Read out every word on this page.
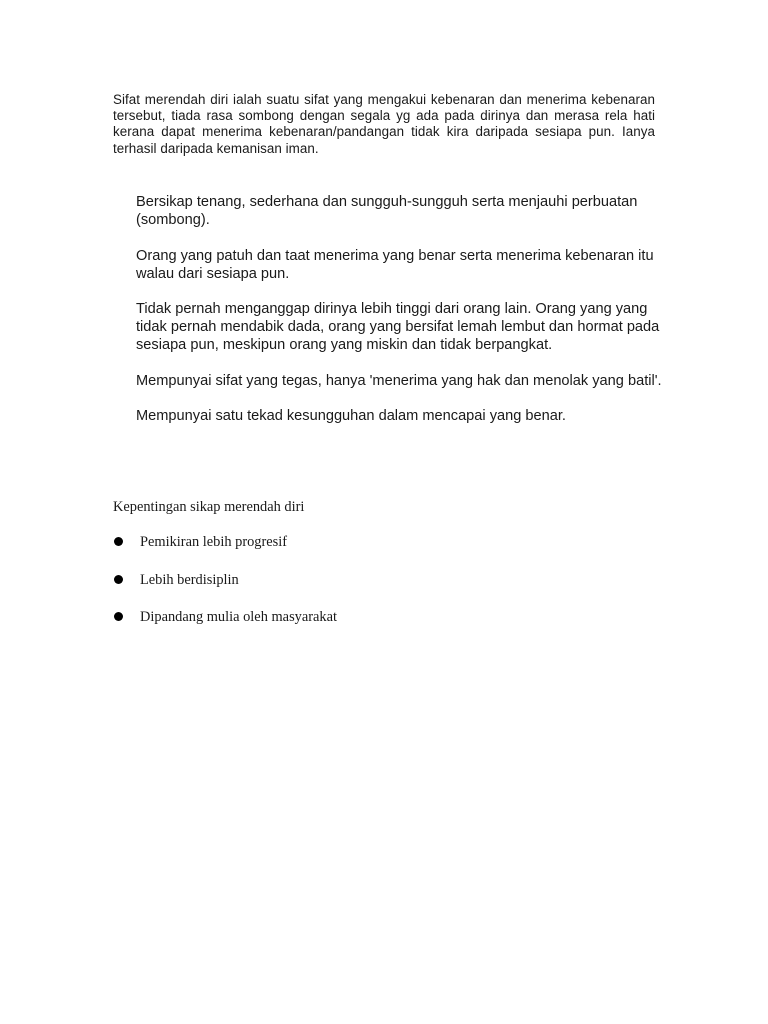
Sifat merendah diri ialah suatu sifat yang mengakui kebenaran dan menerima kebenaran tersebut, tiada rasa sombong dengan segala yg ada pada dirinya dan merasa rela hati kerana dapat menerima kebenaran/pandangan tidak kira daripada sesiapa pun. Ianya terhasil daripada kemanisan iman.

Bersikap tenang, sederhana dan sungguh-sungguh serta menjauhi perbuatan (sombong).
Orang yang patuh dan taat menerima yang benar serta menerima kebenaran itu walau dari sesiapa pun.
Tidak pernah menganggap dirinya lebih tinggi dari orang lain. Orang yang yang tidak pernah mendabik dada, orang yang bersifat lemah lembut dan hormat pada sesiapa pun, meskipun orang yang miskin dan tidak berpangkat.
Mempunyai sifat yang tegas, hanya 'menerima yang hak dan menolak yang batil'.
Mempunyai satu tekad kesungguhan dalam mencapai yang benar.

Kepentingan sikap merendah diri

Pemikiran lebih progresif
Lebih berdisiplin
Dipandang mulia oleh masyarakat
